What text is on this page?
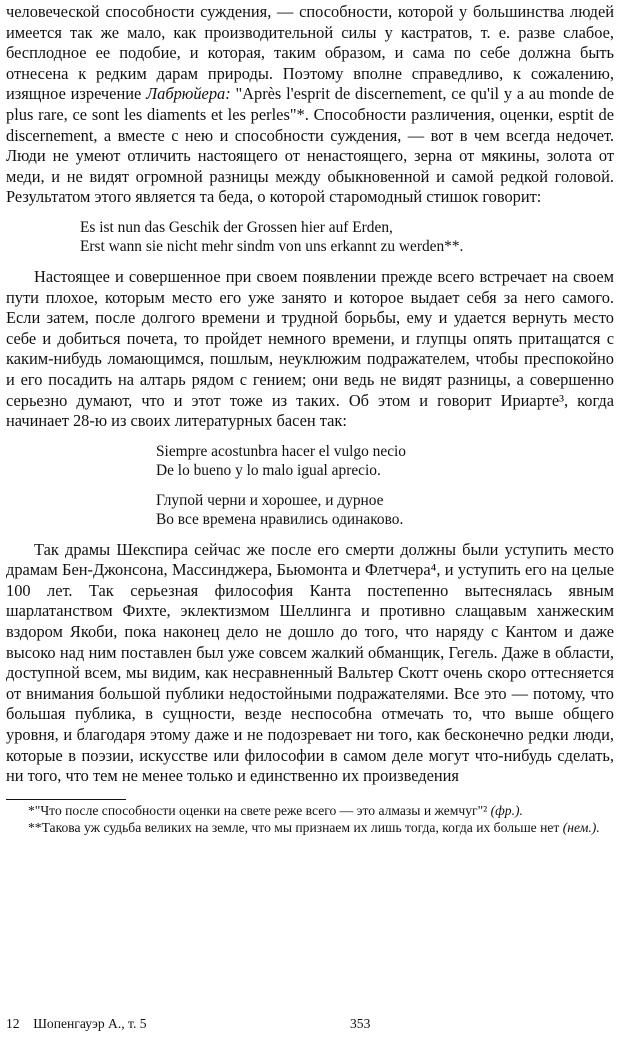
человеческой способности суждения, — способности, которой у большинства людей имеется так же мало, как производительной силы у кастратов, т. е. разве слабое, бесплодное ее подобие, и которая, таким образом, и сама по себе должна быть отнесена к редким дарам природы. Поэтому вполне справедливо, к сожалению, изящное изречение Лабрюйера: "Après l'esprit de discernement, ce qu'il y a au monde de plus rare, ce sont les diaments et les perles"*. Способности различения, оценки, esptit de discernement, а вместе с нею и способности суждения, — вот в чем всегда недочет. Люди не умеют отличить настоящего от ненастоящего, зерна от мякины, золота от меди, и не видят огромной разницы между обыкновенной и самой редкой головой. Результатом этого является та беда, о которой старомодный стишок говорит:

Es ist nun das Geschik der Grossen hier auf Erden,
Erst wann sie nicht mehr sindm von uns erkannt zu werden**.

Настоящее и совершенное при своем появлении прежде всего встречает на своем пути плохое, которым место его уже занято и которое выдает себя за него самого. Если затем, после долгого времени и трудной борьбы, ему и удается вернуть место себе и добиться почета, то пройдет немного времени, и глупцы опять притащатся с каким-нибудь ломающимся, пошлым, неуклюжим подражателем, чтобы преспокойно и его посадить на алтарь рядом с гением; они ведь не видят разницы, а совершенно серьезно думают, что и этот тоже из таких. Об этом и говорит Ириарте³, когда начинает 28-ю из своих литературных басен так:

Siempre acostunbra hacer el vulgo necio
De lo bueno y lo malo igual aprecio.
Глупой черни и хорошее, и дурное
Во все времена нравились одинаково.

Так драмы Шекспира сейчас же после его смерти должны были уступить место драмам Бен-Джонсона, Массинджера, Бьюмонта и Флетчера⁴, и уступить его на целые 100 лет. Так серьезная философия Канта постепенно вытеснялась явным шарлатанством Фихте, эклектизмом Шеллинга и противно слащавым ханжеским вздором Якоби, пока наконец дело не дошло до того, что наряду с Кантом и даже высоко над ним поставлен был уже совсем жалкий обманщик, Гегель. Даже в области, доступной всем, мы видим, как несравненный Вальтер Скотт очень скоро оттесняется от внимания большой публики недостойными подражателями. Все это — потому, что большая публика, в сущности, везде неспособна отмечать то, что выше общего уровня, и благодаря этому даже и не подозревает ни того, как бесконечно редки люди, которые в поэзии, искусстве или философии в самом деле могут что-нибудь сделать, ни того, что тем не менее только и единственно их произведения

*"Что после способности оценки на свете реже всего — это алмазы и жемчуг"² (фр.).

**Такова уж судьба великих на земле, что мы признаем их лишь тогда, когда их больше нет (нем.).

12    Шопенгауэр А., т. 5	353
